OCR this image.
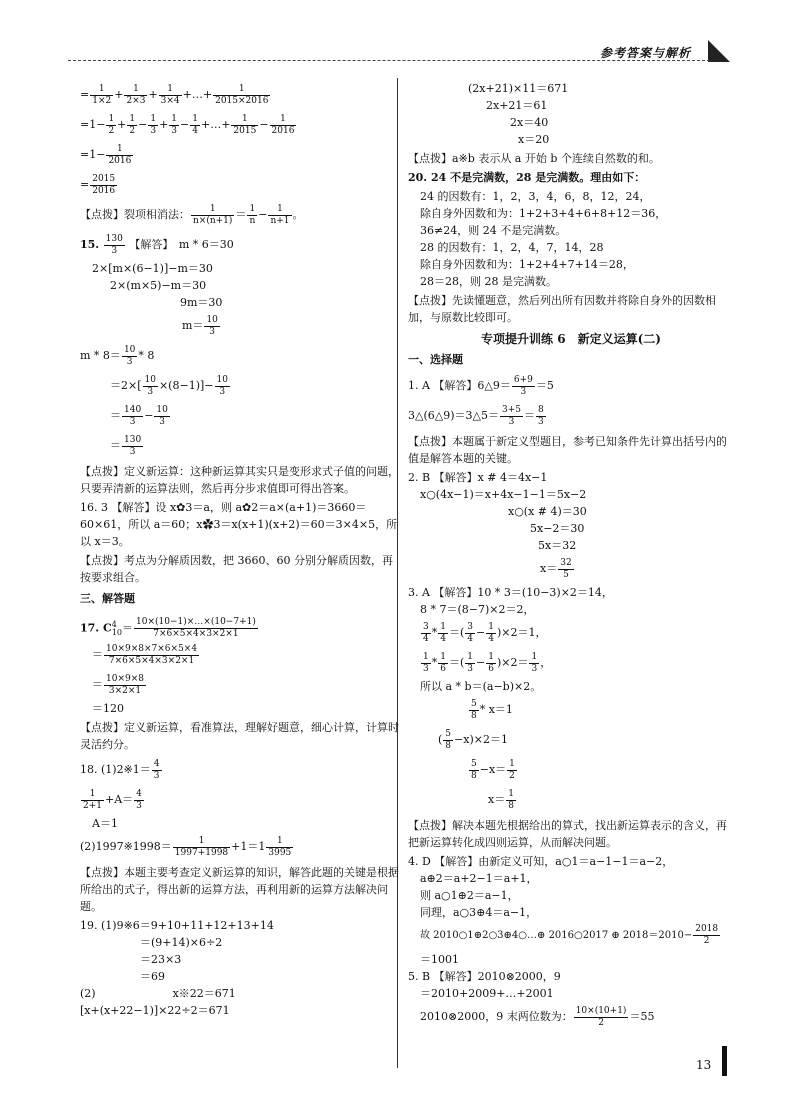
参考答案与解析
= $\frac{1}{1\times 2} + \frac{1}{2\times 3} + \frac{1}{3\times 4}$ +…+ $\frac{1}{2015\times 2016}$
$=1- \frac{1}{2} + \frac{1}{2} - \frac{1}{3} + \frac{1}{3} - \frac{1}{4}$ +…+ $\frac{1}{2015} - \frac{1}{2016}$
$=1- \frac{1}{2016}$
= $\frac{2015}{2016}$
【点拨】裂项相消法： $\frac{1}{n\times(n+1)} = \frac{1}{n} - \frac{1}{n+1}$ 。
15. $\frac{130}{3}$ 【解答】　m * 6＝30

2×[m×(6−1)]−m＝30

2×(m×5)−m＝30

9m＝30

$m= \frac{10}{3}$
$m * 8= \frac{10}{3} * 8$
$=2\times[ \frac{10}{3} \times(8-1)]- \frac{10}{3}$
＝ $\frac{140}{3} - \frac{10}{3}$
＝ $\frac{130}{3}$

【点拨】定义新运算：这种新运算其实只是变形求式子值的问题，只要弄清新的运算法则，然后再分步求值即可得出答案。

16. 3 【解答】设 x✿3＝a，则 a✿2＝a×(a+1)＝3660＝60×61，所以 a＝60；x✿3＝x(x+1)(x+2)＝60＝3×4×5，所以 x＝3。

【点拨】考点为分解质因数，把 3660、60 分别分解质因数，再按要求组合。

三、解答题

17. $C^4_{10}= \frac{10\times(10-1)\times\dots\times(10-7+1)}{7\times 6\times 5\times 4\times 3\times 2\times 1}$
＝ $\frac{10\times 9\times 8\times 7\times 6\times 5\times 4}{7\times 6\times 5\times 4\times 3\times 2\times 1}$
＝ $\frac{10\times 9\times 8}{3\times 2\times 1}$

＝120

【点拨】定义新运算，看准算法，理解好题意，细心计算，计算时灵活约分。

18. (1)2※1＝ $\frac{4}{3}$
$\frac{1}{2+1} +A= \frac{4}{3}$

A＝1

(2)1997※1998＝ $\frac{1}{1997+1998} +1=1 \frac{1}{3995}$

【点拨】本题主要考查定义新运算的知识，解答此题的关键是根据所给出的式子，得出新的运算方法，再利用新的运算方法解决问题。

19. (1)9※6＝9+10+11+12+13+14

＝(9+14)×6÷2

＝23×3

＝69

(2)　　　　　　　x※22＝671

[x+(x+22−1)]×22÷2＝671

(2x+21)×11＝671

2x+21＝61

2x＝40

x＝20

【点拨】a※b 表示从 a 开始 b 个连续自然数的和。

20. 24 不是完满数，28 是完满数。理由如下：

24 的因数有：1，2，3，4，6，8，12，24，

除自身外因数和为：1+2+3+4+6+8+12＝36，

36≠24，则 24 不是完满数。

28 的因数有：1，2，4，7，14，28

除自身外因数和为：1+2+4+7+14＝28，

28＝28，则 28 是完满数。

【点拨】先读懂题意，然后列出所有因数并将除自身外的因数相加，与原数比较即可。

专项提升训练 6　新定义运算(二)

一、选择题

1. A 【解答】6△9＝ $\frac{6+9}{3} =5$
3△(6△9)＝3△5＝ $\frac{3+5}{3} = \frac{8}{3}$

【点拨】本题属于新定义型题目，参考已知条件先计算出括号内的值是解答本题的关键。

2. B 【解答】x # 4＝4x−1

x○(4x−1)＝x+4x−1−1＝5x−2

x○(x # 4)＝30

5x−2＝30

5x＝32

$x= \frac{32}{5}$

3. A 【解答】10 * 3＝(10−3)×2＝14，

8 * 7＝(8−7)×2＝2，

$\frac{3}{4} * \frac{1}{4}$ ＝( $\frac{3}{4} - \frac{1}{4} )\times 2=1$，
$\frac{1}{3} * \frac{1}{6}$ ＝( $\frac{1}{3} - \frac{1}{6} )\times 2= \frac{1}{3}$ ，

所以 a * b＝(a−b)×2。

$\frac{5}{8} * x=1$
( $\frac{5}{8} -x)\times 2=1$
$\frac{5}{8} -x= \frac{1}{2}$
$x= \frac{1}{8}$

【点拨】解决本题先根据给出的算式，找出新运算表示的含义，再把新运算转化成四则运算，从而解决问题。

4. D 【解答】由新定义可知，a○1＝a−1−1＝a−2，

a⊕2＝a+2−1＝a+1，

则 a○1⊕2＝a−1，

同理，a○3⊕4＝a−1，

故 2010○1⊕2○3⊕4○…⊕ 2016○2017 ⊕ $2018=2010- \frac{2018}{2}$

＝1001

5. B 【解答】2010⊗2000，9

＝2010+2009+…+2001

2010⊗2000，9 末两位数为： $\frac{10\times(10+1)}{2} =55$
13
